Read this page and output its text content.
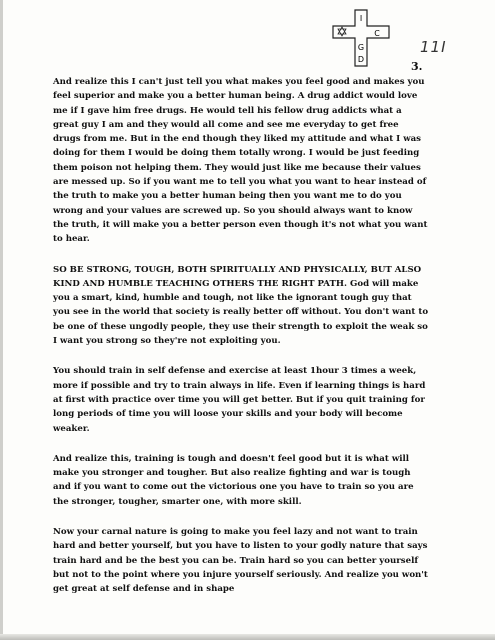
I
C
G
D
11I
3.

And realize this I can't just tell you what makes you feel good and makes you feel superior and make you a better human being. A drug addict would love me if I gave him free drugs. He would tell his fellow drug addicts what a great guy I am and they would all come and see me everyday to get free drugs from me. But in the end though they liked my attitude and what I was doing for them I would be doing them totally wrong. I would be just feeding them poison not helping them. They would just like me because their values are messed up. So if you want me to tell you what you want to hear instead of the truth to make you a better human being then you want me to do you wrong and your values are screwed up. So you should always want to know the truth, it will make you a better person even though it's not what you want to hear.

SO BE STRONG, TOUGH, BOTH SPIRITUALLY AND PHYSICALLY, BUT ALSO KIND AND HUMBLE TEACHING OTHERS THE RIGHT PATH. God will make you a smart, kind, humble and tough, not like the ignorant tough guy that you see in the world that society is really better off without. You don't want to be one of these ungodly people, they use their strength to exploit the weak so I want you strong so they're not exploiting you.

You should train in self defense and exercise at least 1hour 3 times a week, more if possible and try to train always in life. Even if learning things is hard at first with practice over time you will get better. But if you quit training for long periods of time you will loose your skills and your body will become weaker.

And realize this, training is tough and doesn't feel good but it is what will make you stronger and tougher. But also realize fighting and war is tough and if you want to come out the victorious one you have to train so you are the stronger, tougher, smarter one, with more skill.

Now your carnal nature is going to make you feel lazy and not want to train hard and better yourself, but you have to listen to your godly nature that says train hard and be the best you can be. Train hard so you can better yourself but not to the point where you injure yourself seriously. And realize you won't get great at self defense and in shape
